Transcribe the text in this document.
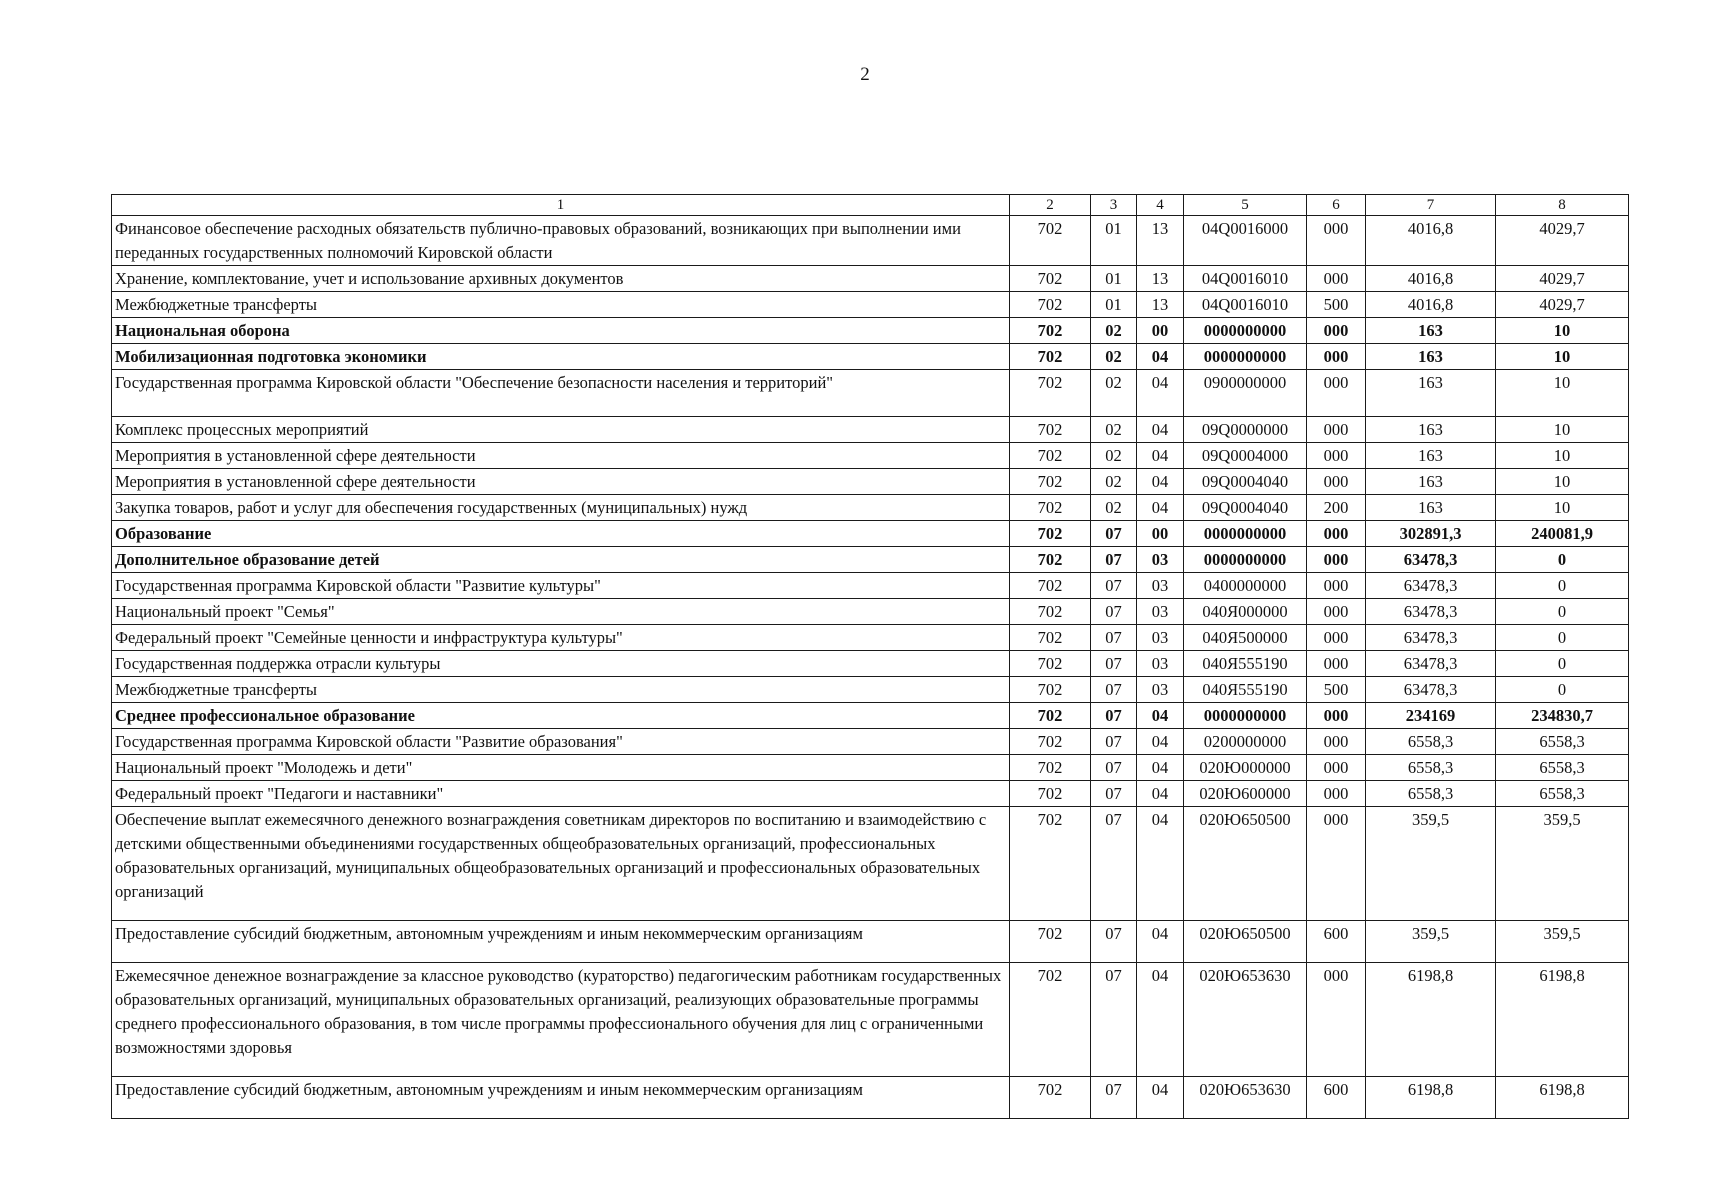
2
1	2	3	4	5	6	7	8
Финансовое обеспечение расходных обязательств публично-правовых образований, возникающих при выполнении ими переданных государственных полномочий Кировской области	702	01	13	04Q0016000	000	4016,8	4029,7
Хранение, комплектование, учет и использование архивных документов	702	01	13	04Q0016010	000	4016,8	4029,7
Межбюджетные трансферты	702	01	13	04Q0016010	500	4016,8	4029,7
Национальная оборона	702	02	00	0000000000	000	163	10
Мобилизационная подготовка экономики	702	02	04	0000000000	000	163	10
Государственная программа Кировской области "Обеспечение безопасности населения и территорий"	702	02	04	0900000000	000	163	10
Комплекс процессных мероприятий	702	02	04	09Q0000000	000	163	10
Мероприятия в установленной сфере деятельности	702	02	04	09Q0004000	000	163	10
Мероприятия в установленной сфере деятельности	702	02	04	09Q0004040	000	163	10
Закупка товаров, работ и услуг для обеспечения государственных (муниципальных) нужд	702	02	04	09Q0004040	200	163	10
Образование	702	07	00	0000000000	000	302891,3	240081,9
Дополнительное образование детей	702	07	03	0000000000	000	63478,3	0
Государственная программа Кировской области "Развитие культуры"	702	07	03	0400000000	000	63478,3	0
Национальный проект "Семья"	702	07	03	040Я000000	000	63478,3	0
Федеральный проект "Семейные ценности и инфраструктура культуры"	702	07	03	040Я500000	000	63478,3	0
Государственная поддержка отрасли культуры	702	07	03	040Я555190	000	63478,3	0
Межбюджетные трансферты	702	07	03	040Я555190	500	63478,3	0
Среднее профессиональное образование	702	07	04	0000000000	000	234169	234830,7
Государственная программа Кировской области "Развитие образования"	702	07	04	0200000000	000	6558,3	6558,3
Национальный проект "Молодежь и дети"	702	07	04	020Ю000000	000	6558,3	6558,3
Федеральный проект "Педагоги и наставники"	702	07	04	020Ю600000	000	6558,3	6558,3
Обеспечение выплат ежемесячного денежного вознаграждения советникам директоров по воспитанию и взаимодействию с детскими общественными объединениями государственных общеобразовательных организаций, профессиональных образовательных организаций, муниципальных общеобразовательных организаций и профессиональных образовательных организаций	702	07	04	020Ю650500	000	359,5	359,5
Предоставление субсидий бюджетным, автономным учреждениям и иным некоммерческим организациям	702	07	04	020Ю650500	600	359,5	359,5
Ежемесячное денежное вознаграждение за классное руководство (кураторство) педагогическим работникам государственных образовательных организаций, муниципальных образовательных организаций, реализующих образовательные программы среднего профессионального образования, в том числе программы профессионального обучения для лиц с ограниченными возможностями здоровья	702	07	04	020Ю653630	000	6198,8	6198,8
Предоставление субсидий бюджетным, автономным учреждениям и иным некоммерческим организациям	702	07	04	020Ю653630	600	6198,8	6198,8
